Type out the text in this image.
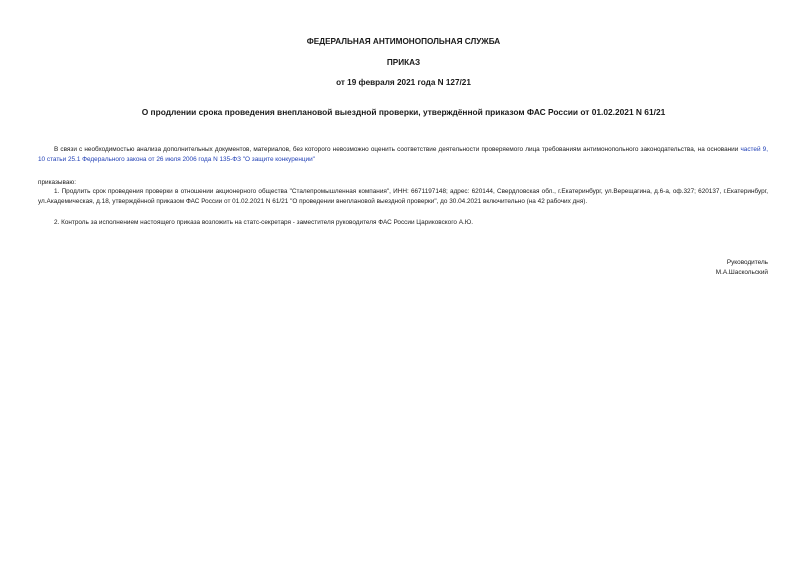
ФЕДЕРАЛЬНАЯ АНТИМОНОПОЛЬНАЯ СЛУЖБА
ПРИКАЗ
от 19 февраля 2021 года N 127/21
О продлении срока проведения внеплановой выездной проверки, утверждённой приказом ФАС России от 01.02.2021 N 61/21
В связи с необходимостью анализа дополнительных документов, материалов, без которого невозможно оценить соответствие деятельности проверяемого лица требованиям антимонопольного законодательства, на основании частей 9, 10 статьи 25.1 Федерального закона от 26 июля 2006 года N 135-ФЗ "О защите конкуренции"
приказываю:
1. Продлить срок проведения проверки в отношении акционерного общества "Сталепромышленная компания", ИНН: 6671197148; адрес: 620144, Свердловская обл., г.Екатеринбург, ул.Верещагина, д.6-а, оф.327; 620137, г.Екатеринбург, ул.Академическая, д.18, утверждённой приказом ФАС России от 01.02.2021 N 61/21 "О проведении внеплановой выездной проверки", до 30.04.2021 включительно (на 42 рабочих дня).
2. Контроль за исполнением настоящего приказа возложить на статс-секретаря - заместителя руководителя ФАС России Цариковского А.Ю.
Руководитель
М.А.Шаскольский
